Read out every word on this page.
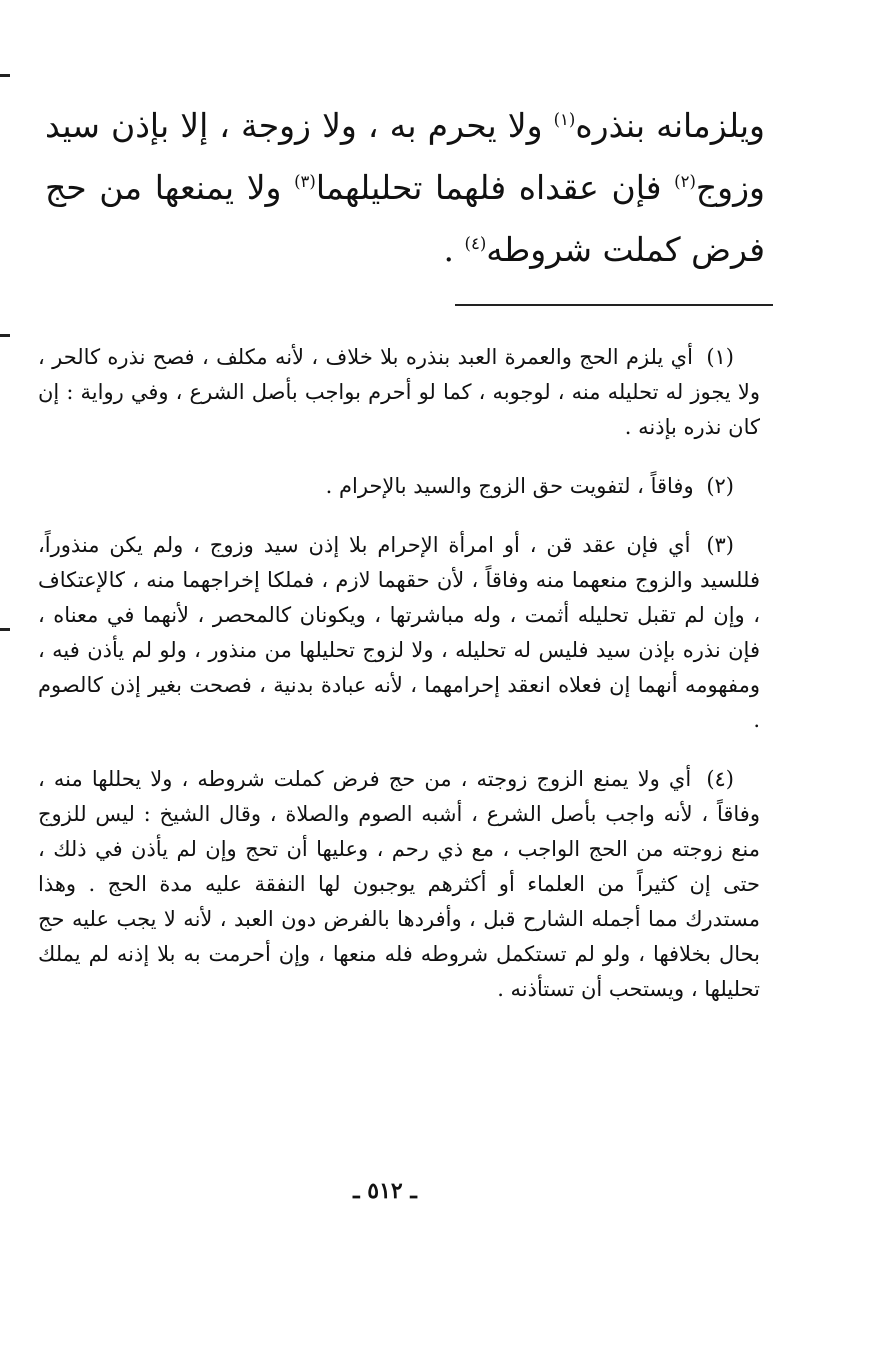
ويلزمانه بنذره$^{(١)}$ ولا يحرم به ، ولا زوجة ، إلا بإذن سيد وزوج$^{(٢)}$ فإن عقداه فلهما تحليلهما$^{(٣)}$ ولا يمنعها من حج فرض كملت شروطه$^{(٤)}$ .

(١) أي يلزم الحج والعمرة العبد بنذره بلا خلاف ، لأنه مكلف ، فصح نذره كالحر ، ولا يجوز له تحليله منه ، لوجوبه ، كما لو أحرم بواجب بأصل الشرع ، وفي رواية : إن كان نذره بإذنه .

(٢) وفاقاً ، لتفويت حق الزوج والسيد بالإحرام .

(٣) أي فإن عقد قن ، أو امرأة الإحرام بلا إذن سيد وزوج ، ولم يكن منذوراً، فللسيد والزوج منعهما منه وفاقاً ، لأن حقهما لازم ، فملكا إخراجهما منه ، كالإعتكاف ، وإن لم تقبل تحليله أثمت ، وله مباشرتها ، ويكونان كالمحصر ، لأنهما في معناه ، فإن نذره بإذن سيد فليس له تحليله ، ولا لزوج تحليلها من منذور ، ولو لم يأذن فيه ، ومفهومه أنهما إن فعلاه انعقد إحرامهما ، لأنه عبادة بدنية ، فصحت بغير إذن كالصوم .

(٤) أي ولا يمنع الزوج زوجته ، من حج فرض كملت شروطه ، ولا يحللها منه ، وفاقاً ، لأنه واجب بأصل الشرع ، أشبه الصوم والصلاة ، وقال الشيخ : ليس للزوج منع زوجته من الحج الواجب ، مع ذي رحم ، وعليها أن تحج وإن لم يأذن في ذلك ، حتى إن كثيراً من العلماء أو أكثرهم يوجبون لها النفقة عليه مدة الحج . وهذا مستدرك مما أجمله الشارح قبل ، وأفردها بالفرض دون العبد ، لأنه لا يجب عليه حج بحال بخلافها ، ولو لم تستكمل شروطه فله منعها ، وإن أحرمت به بلا إذنه لم يملك تحليلها ، ويستحب أن تستأذنه .

ـ ٥١٢ ـ
